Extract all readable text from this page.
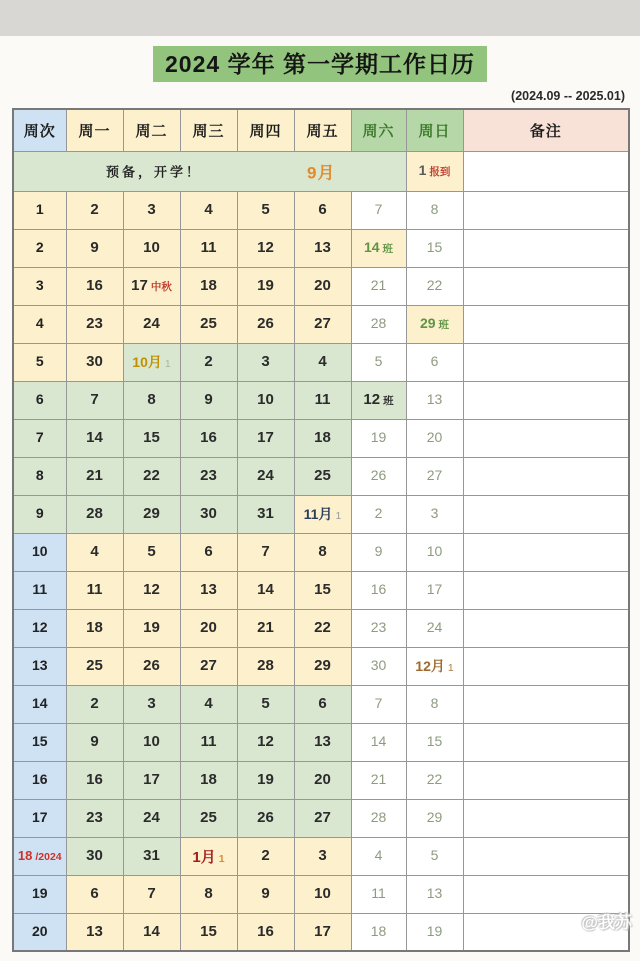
2024 学年 第一学期工作日历
(2024.09 -- 2025.01)
周次	周一	周二	周三	周四	周五	周六	周日	备注

预备，开学！ 9月							1 报到	
1	2	3	4	5	6	7	8	
2	9	10	11	12	13	14 班	15	
3	16	17 中秋	18	19	20	21	22	
4	23	24	25	26	27	28	29 班	
5	30	10月 1	2	3	4	5	6	
6	7	8	9	10	11	12 班	13	
7	14	15	16	17	18	19	20	
8	21	22	23	24	25	26	27	
9	28	29	30	31	11月 1	2	3	
10	4	5	6	7	8	9	10	
11	11	12	13	14	15	16	17	
12	18	19	20	21	22	23	24	
13	25	26	27	28	29	30	12月 1	
14	2	3	4	5	6	7	8	
15	9	10	11	12	13	14	15	
16	16	17	18	19	20	21	22	
17	23	24	25	26	27	28	29	
18 /2024	30	31	1月 1	2	3	4	5	
19	6	7	8	9	10	11	13	
20	13	14	15	16	17	18	19		@我苏
